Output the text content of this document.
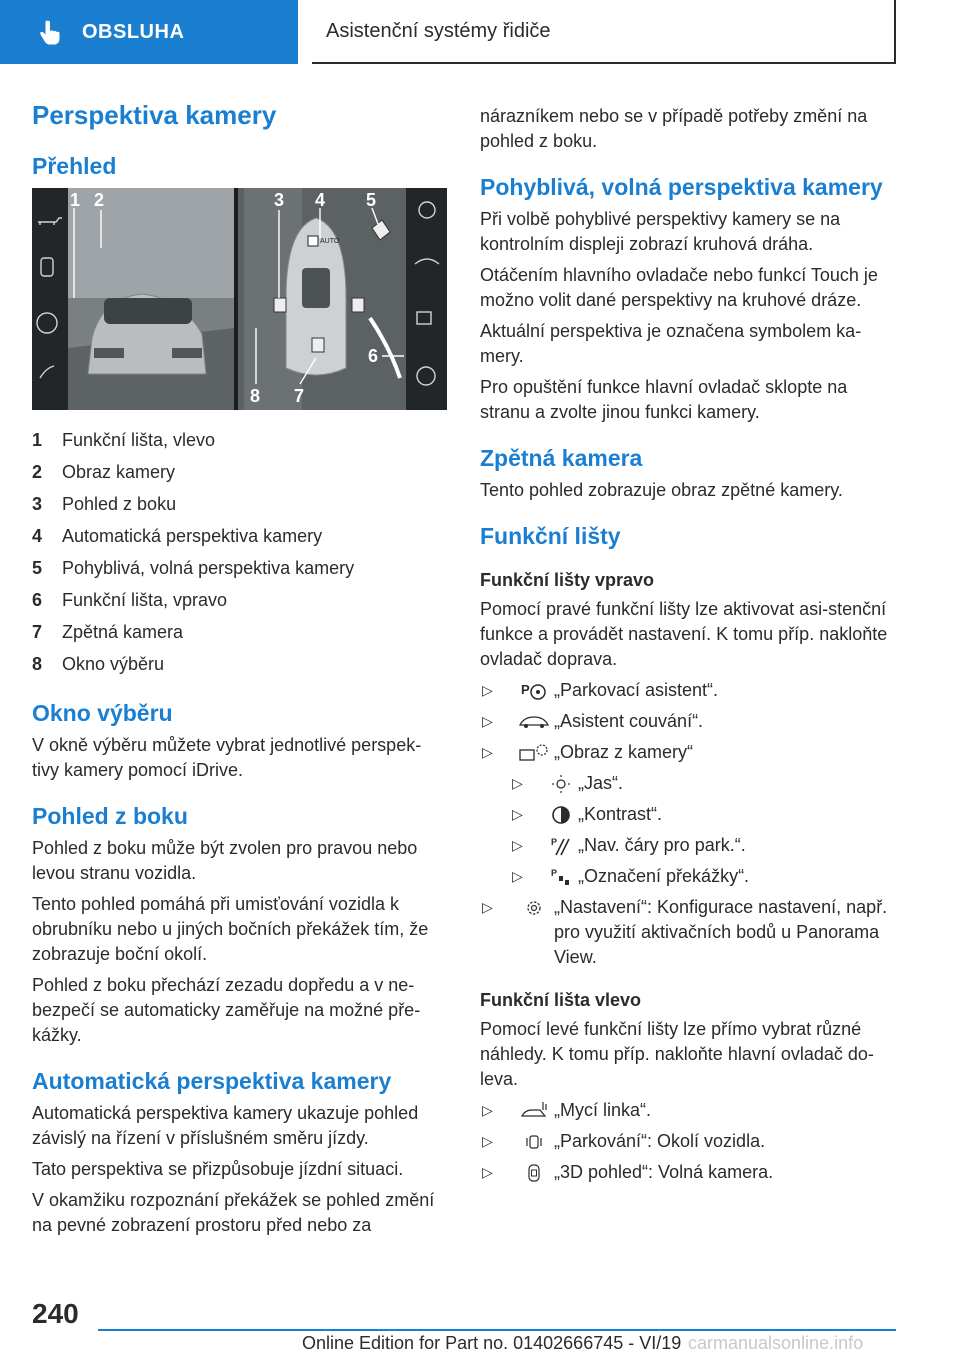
OBSLUHA	Asistenční systémy řidiče
Perspektiva kamery
Přehled
AUTO
1 2	3 4 5
6
7
8
1	Funkční lišta, vlevo
2	Obraz kamery
3	Pohled z boku
4	Automatická perspektiva kamery
5	Pohyblivá, volná perspektiva kamery
6	Funkční lišta, vpravo
7	Zpětná kamera
8	Okno výběru
Okno výběru

V okně výběru můžete vybrat jednotlivé perspek-tivy kamery pomocí iDrive.

Pohled z boku

Pohled z boku může být zvolen pro pravou nebo levou stranu vozidla.

Tento pohled pomáhá při umisťování vozidla k obrubníku nebo u jiných bočních překážek tím, že zobrazuje boční okolí.

Pohled z boku přechází zezadu dopředu a v ne-bezpečí se automaticky zaměřuje na možné pře-kážky.

Automatická perspektiva kamery

Automatická perspektiva kamery ukazuje pohled závislý na řízení v příslušném směru jízdy.

Tato perspektiva se přizpůsobuje jízdní situaci.

V okamžiku rozpoznání překážek se pohled změní na pevné zobrazení prostoru před nebo za

nárazníkem nebo se v případě potřeby změní na pohled z boku.

Pohyblivá, volná perspektiva kamery

Při volbě pohyblivé perspektivy kamery se na kontrolním displeji zobrazí kruhová dráha.

Otáčením hlavního ovladače nebo funkcí Touch je možno volit dané perspektivy na kruhové dráze.

Aktuální perspektiva je označena symbolem ka-mery.

Pro opuštění funkce hlavní ovladač sklopte na stranu a zvolte jinou funkci kamery.

Zpětná kamera

Tento pohled zobrazuje obraz zpětné kamery.

Funkční lišty
Funkční lišty vpravo

Pomocí pravé funkční lišty lze aktivovat asi-stenční funkce a provádět nastavení. K tomu příp. nakloňte ovladač doprava.

▷	P „Parkovací asistent“.
▷	„Asistent couvání“.
▷	„Obraz z kamery“
▷	„Jas“.
▷	„Kontrast“.
▷	P „Nav. čáry pro park.“.
▷	P „Označení překážky“.
▷	„Nastavení“: Konfigurace nastavení, např. pro využití aktivačních bodů u Panorama View.
Funkční lišta vlevo

Pomocí levé funkční lišty lze přímo vybrat různé náhledy. K tomu příp. nakloňte hlavní ovladač do-leva.

▷	„Mycí linka“.
▷	„Parkování“: Okolí vozidla.
▷	„3D pohled“: Volná kamera.
240
Online Edition for Part no. 01402666745 - VI/19 carmanualsonline.info
